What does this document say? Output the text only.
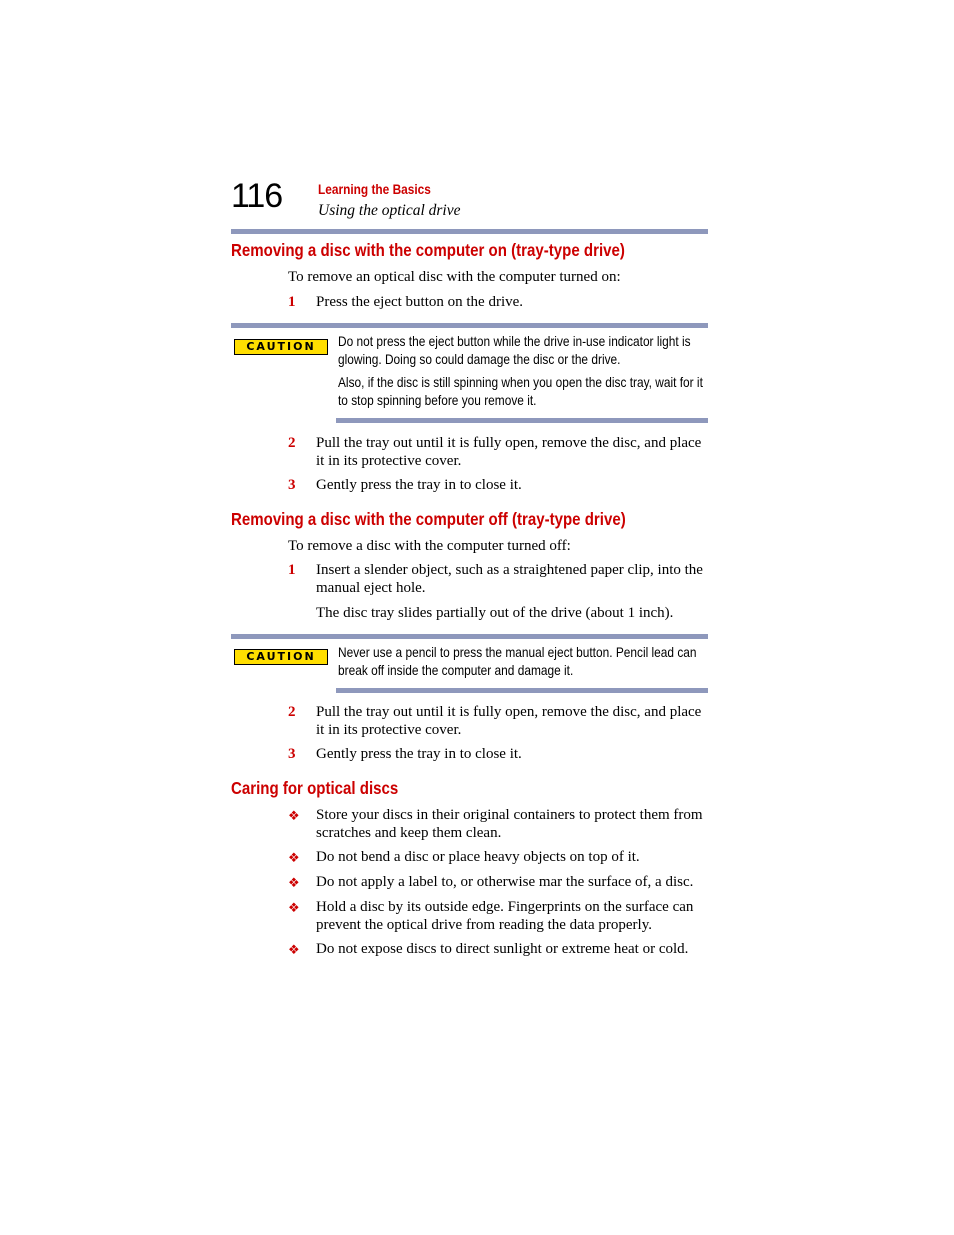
116	Learning the Basics
Using the optical drive
Removing a disc with the computer on (tray-type drive)
To remove an optical disc with the computer turned on:
1 Press the eject button on the drive.
CAUTION	Do not press the eject button while the drive in-use indicator light is glowing. Doing so could damage the disc or the drive.
Also, if the disc is still spinning when you open the disc tray, wait for it to stop spinning before you remove it.
2 Pull the tray out until it is fully open, remove the disc, and place it in its protective cover.
3 Gently press the tray in to close it.
Removing a disc with the computer off (tray-type drive)
To remove a disc with the computer turned off:
1 Insert a slender object, such as a straightened paper clip, into the manual eject hole.
The disc tray slides partially out of the drive (about 1 inch).
CAUTION	Never use a pencil to press the manual eject button. Pencil lead can break off inside the computer and damage it.
2 Pull the tray out until it is fully open, remove the disc, and place it in its protective cover.
3 Gently press the tray in to close it.
Caring for optical discs
❖ Store your discs in their original containers to protect them from scratches and keep them clean.
❖ Do not bend a disc or place heavy objects on top of it.
❖ Do not apply a label to, or otherwise mar the surface of, a disc.
❖ Hold a disc by its outside edge. Fingerprints on the surface can prevent the optical drive from reading the data properly.
❖ Do not expose discs to direct sunlight or extreme heat or cold.
